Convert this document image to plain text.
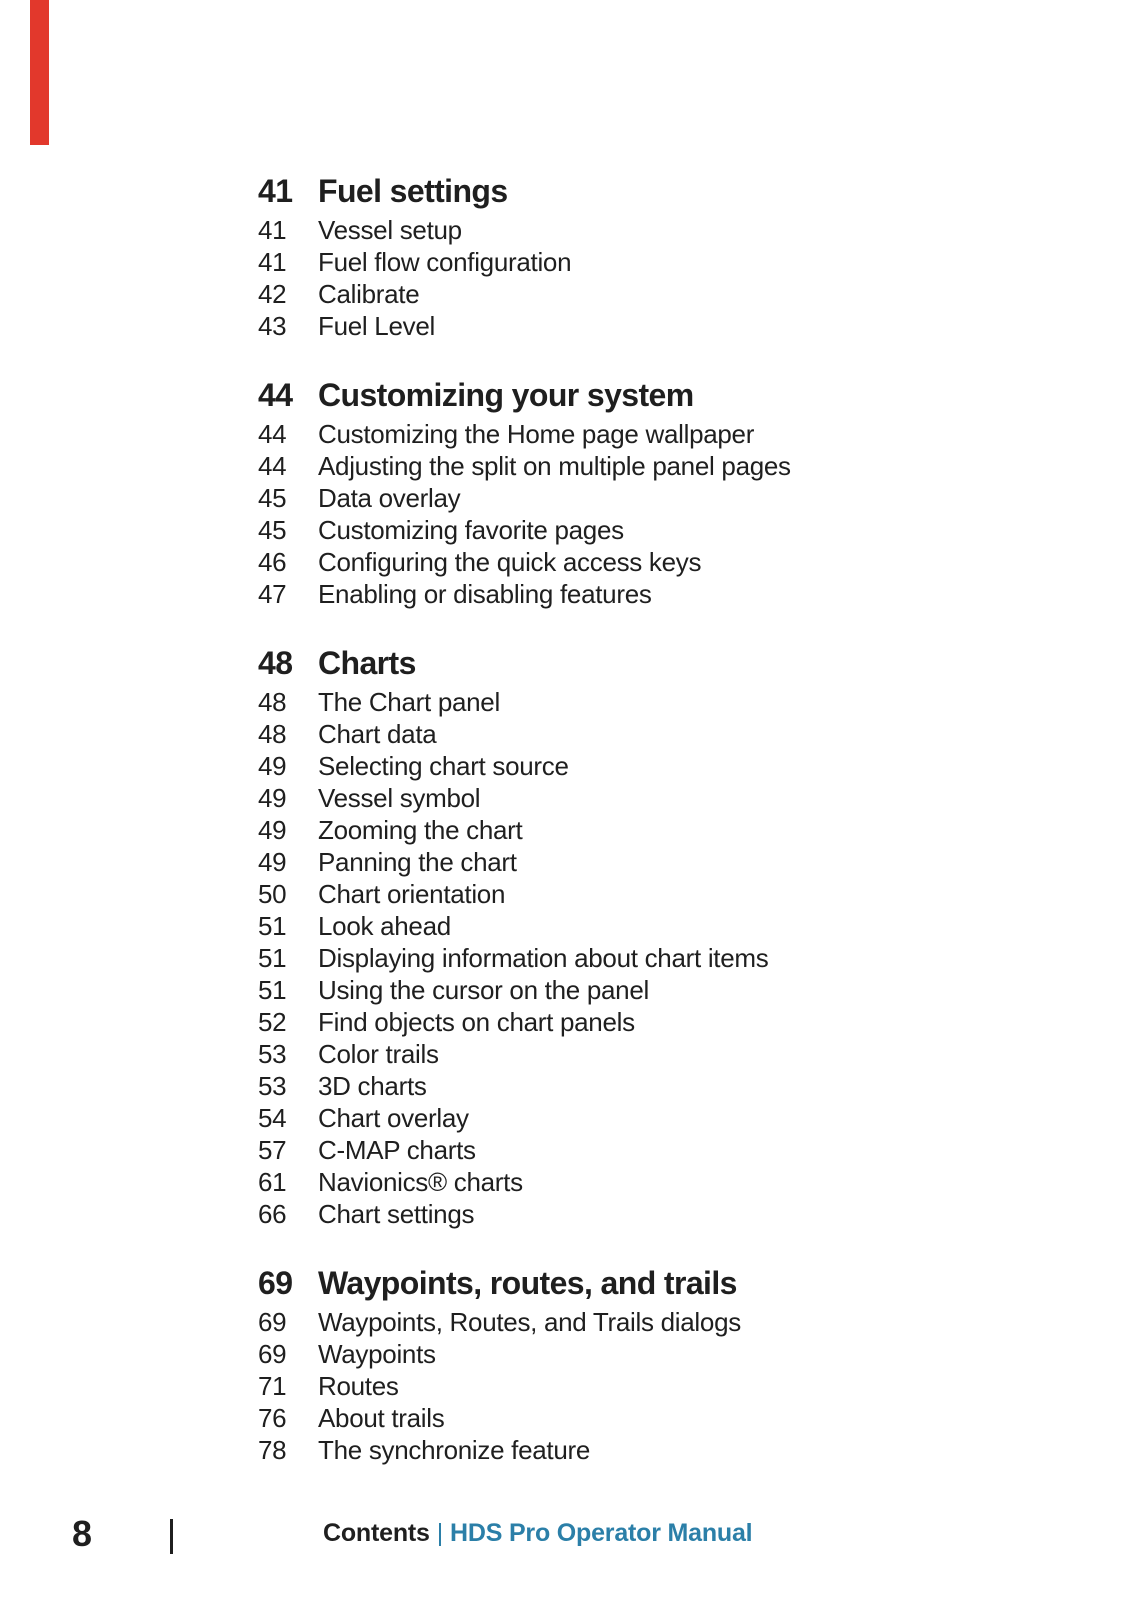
41 Fuel settings
41	Vessel setup
41	Fuel flow configuration
42	Calibrate
43	Fuel Level
44 Customizing your system
44	Customizing the Home page wallpaper
44	Adjusting the split on multiple panel pages
45	Data overlay
45	Customizing favorite pages
46	Configuring the quick access keys
47	Enabling or disabling features
48 Charts
48	The Chart panel
48	Chart data
49	Selecting chart source
49	Vessel symbol
49	Zooming the chart
49	Panning the chart
50	Chart orientation
51	Look ahead
51	Displaying information about chart items
51	Using the cursor on the panel
52	Find objects on chart panels
53	Color trails
53	3D charts
54	Chart overlay
57	C-MAP charts
61	Navionics® charts
66	Chart settings
69 Waypoints, routes, and trails
69	Waypoints, Routes, and Trails dialogs
69	Waypoints
71	Routes
76	About trails
78	The synchronize feature
8	Contents | HDS Pro Operator Manual
